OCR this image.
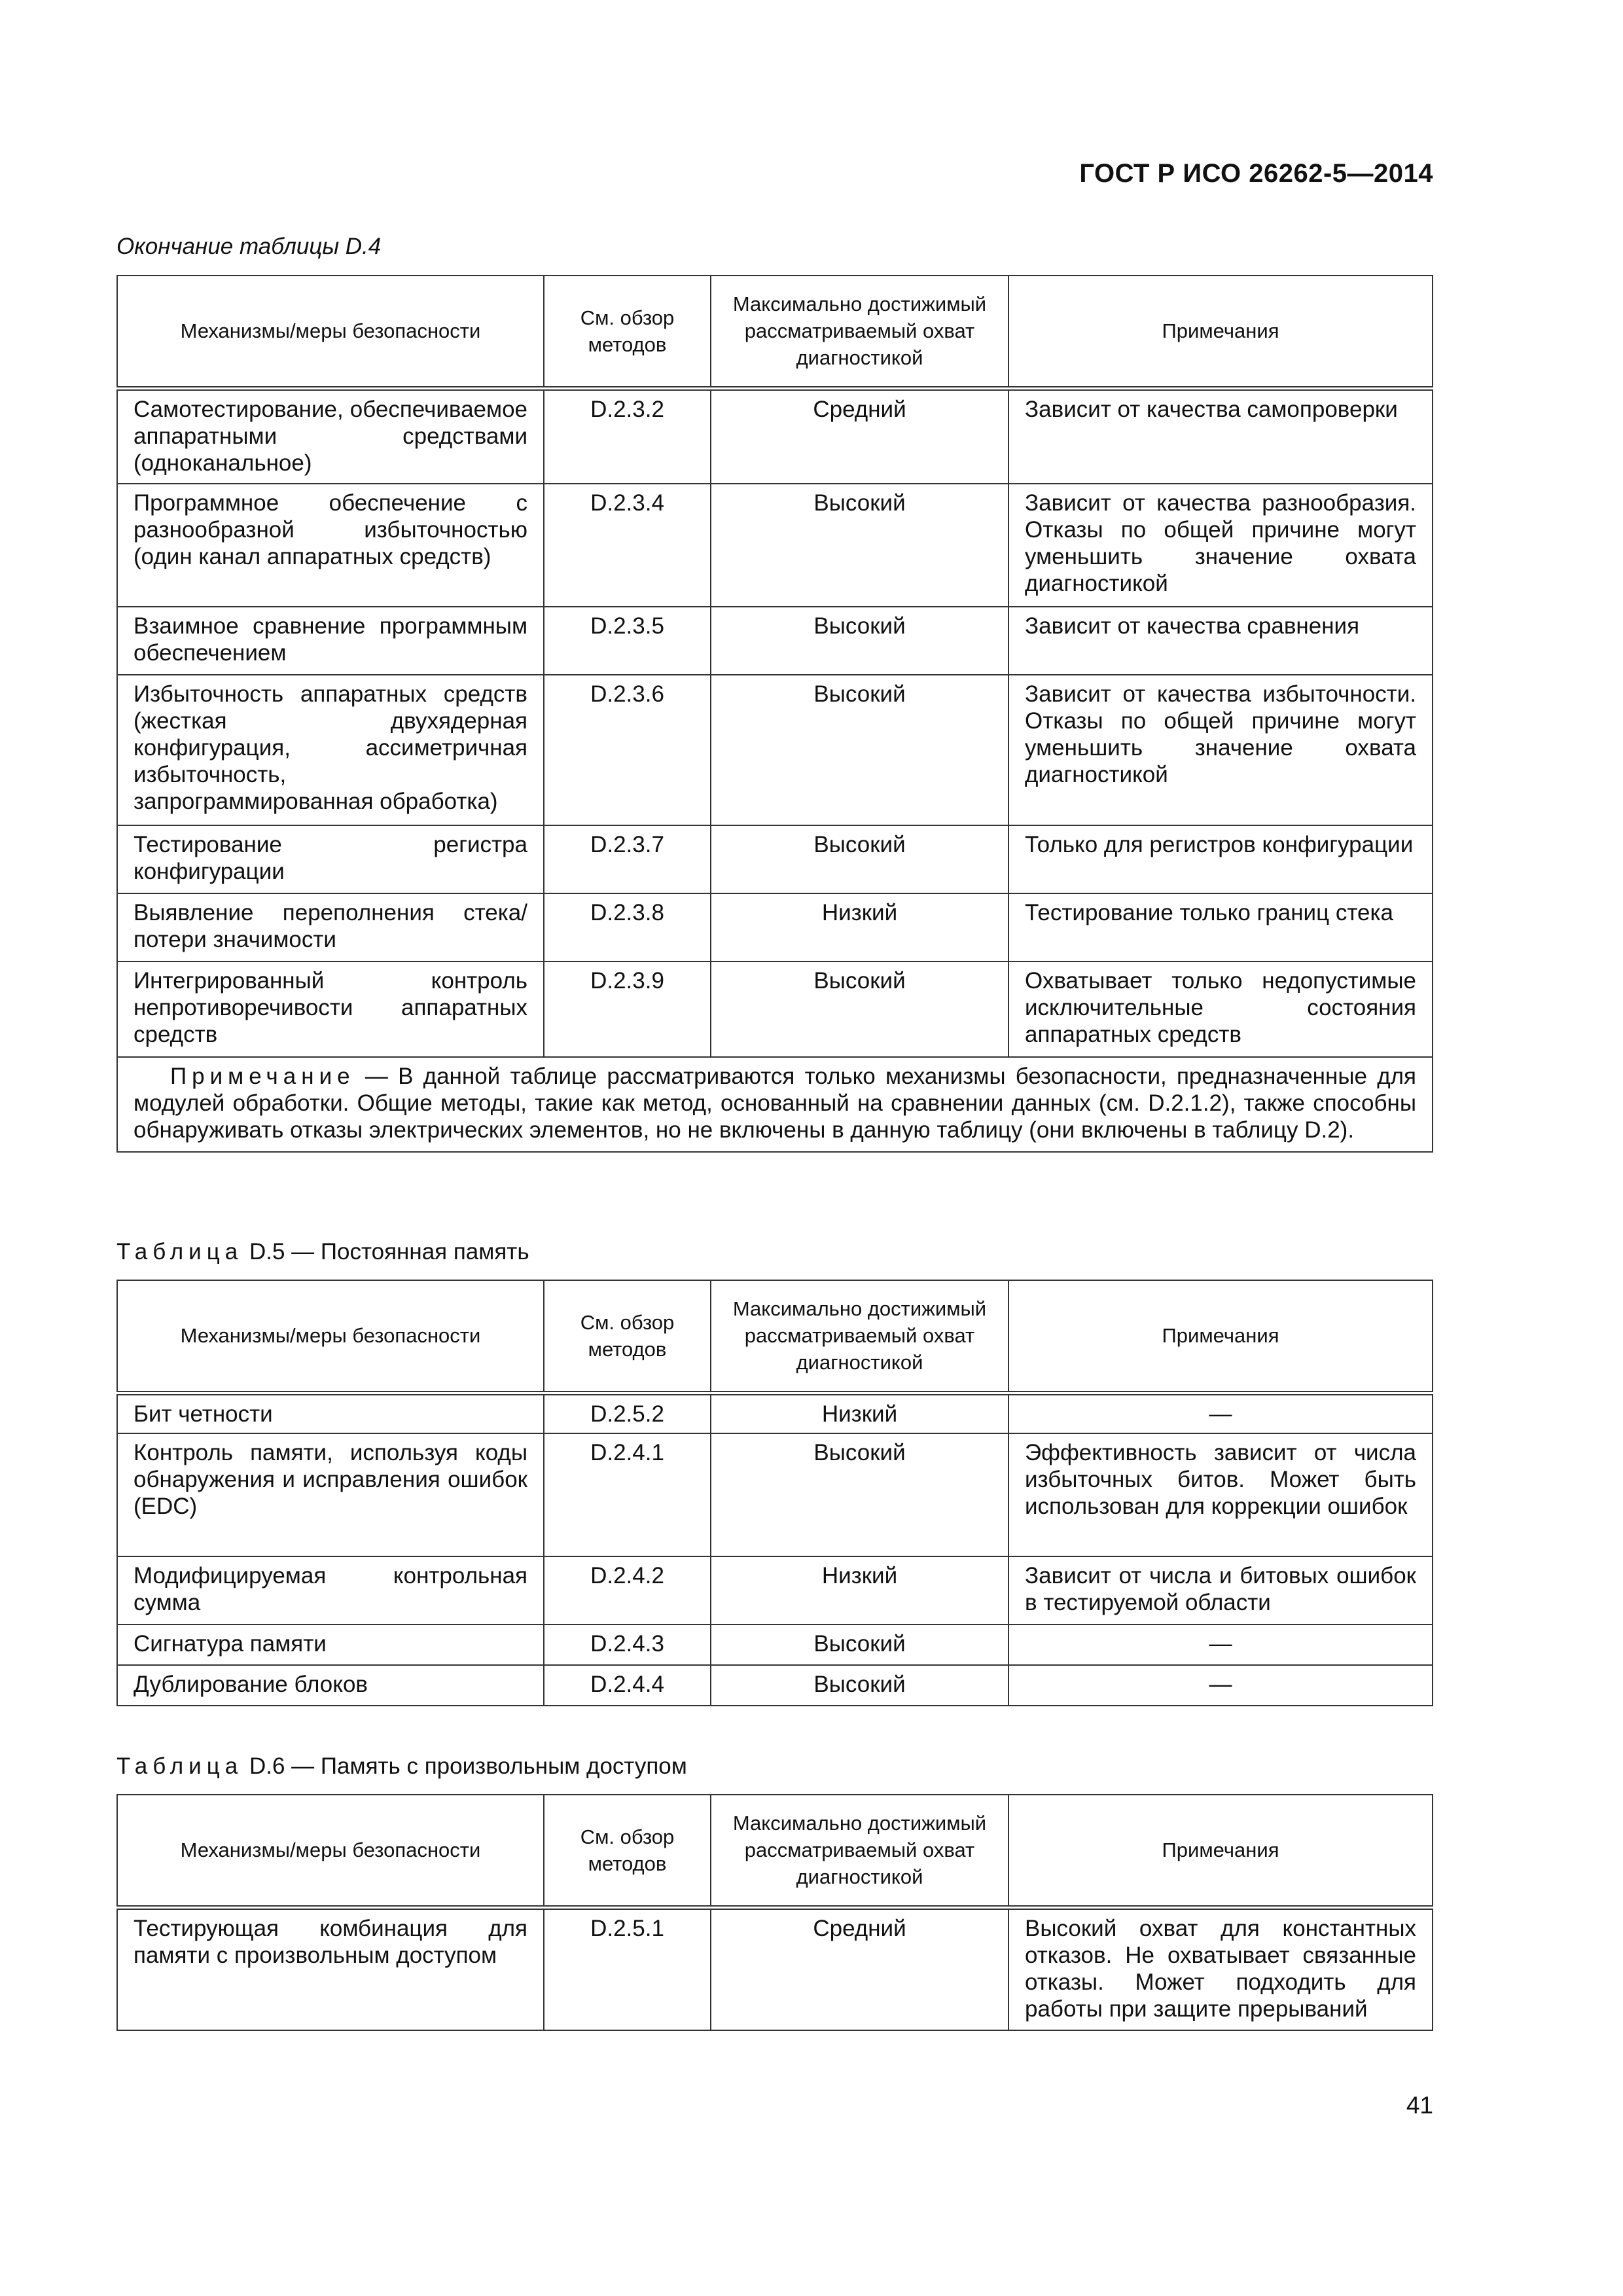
ГОСТ Р ИСО 26262-5—2014
Окончание таблицы D.4
Механизмы/меры безопасности	См. обзор методов	Максимально достижимый рассматриваемый охват диагностикой	Примечания
Самотестирование, обеспечиваемое аппаратными средствами (одноканальное)	D.2.3.2	Средний	Зависит от качества самопроверки
Программное обеспечение с разнообразной избыточностью (один канал аппаратных средств)	D.2.3.4	Высокий	Зависит от качества разнообразия. Отказы по общей причине могут уменьшить значение охвата диагностикой
Взаимное сравнение программным обеспечением	D.2.3.5	Высокий	Зависит от качества сравнения
Избыточность аппаратных средств (жесткая двухядерная конфигурация, ассиметричная избыточность, запрограммированная обработка)	D.2.3.6	Высокий	Зависит от качества избыточности. Отказы по общей причине могут уменьшить значение охвата диагностикой
Тестирование регистра конфигурации	D.2.3.7	Высокий	Только для регистров конфигурации
Выявление переполнения стека/потери значимости	D.2.3.8	Низкий	Тестирование только границ стека
Интегрированный контроль непротиворечивости аппаратных средств	D.2.3.9	Высокий	Охватывает только недопустимые исключительные состояния аппаратных средств
Примечание — В данной таблице рассматриваются только механизмы безопасности, предназначенные для модулей обработки. Общие методы, такие как метод, основанный на сравнении данных (см. D.2.1.2), также способны обнаруживать отказы электрических элементов, но не включены в данную таблицу (они включены в таблицу D.2).			
Таблица D.5 — Постоянная память
Механизмы/меры безопасности	См. обзор методов	Максимально достижимый рассматриваемый охват диагностикой	Примечания
Бит четности	D.2.5.2	Низкий	—
Контроль памяти, используя коды обнаружения и исправления ошибок (EDC)	D.2.4.1	Высокий	Эффективность зависит от числа избыточных битов. Может быть использован для коррекции ошибок
Модифицируемая контрольная сумма	D.2.4.2	Низкий	Зависит от числа и битовых ошибок в тестируемой области
Сигнатура памяти	D.2.4.3	Высокий	—
Дублирование блоков	D.2.4.4	Высокий	—
Таблица D.6 — Память с произвольным доступом
Механизмы/меры безопасности	См. обзор методов	Максимально достижимый рассматриваемый охват диагностикой	Примечания
Тестирующая комбинация для памяти с произвольным доступом	D.2.5.1	Средний	Высокий охват для константных отказов. Не охватывает связанные отказы. Может подходить для работы при защите прерываний
41
